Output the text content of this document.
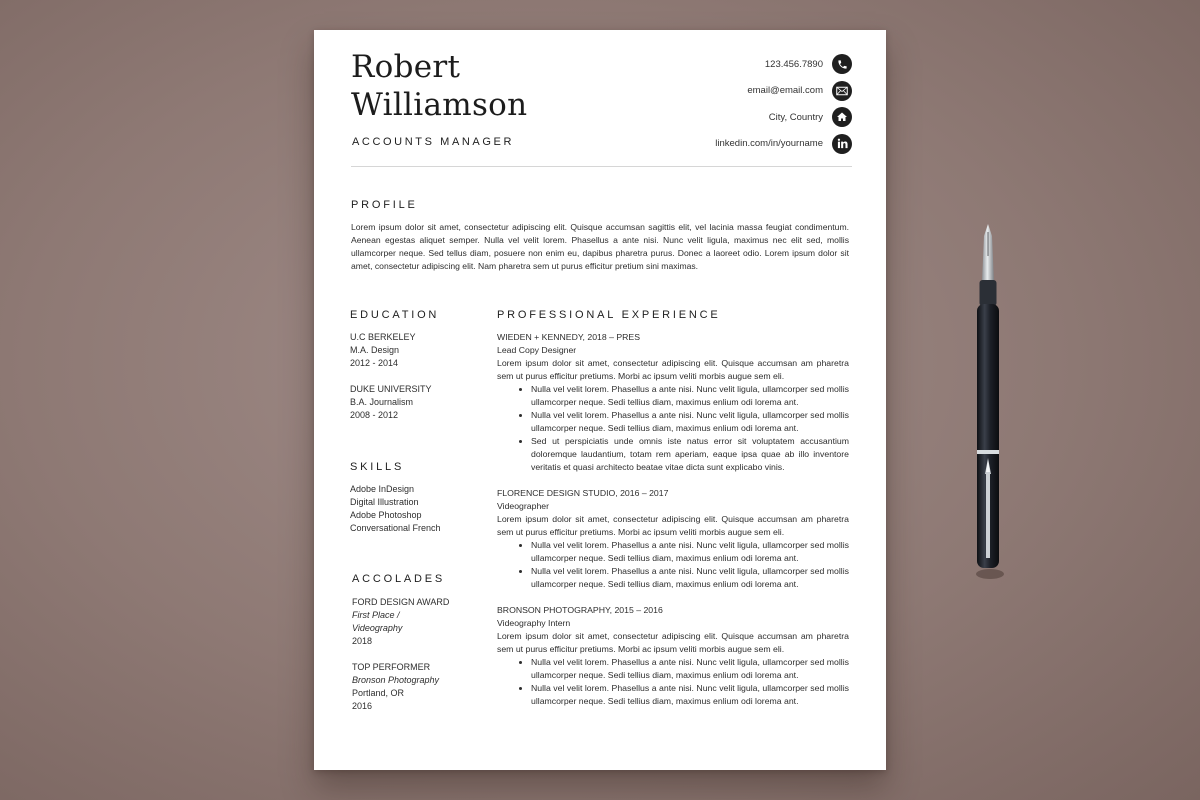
Robert
Williamson
ACCOUNTS MANAGER
123.456.7890
email@email.com
City, Country
linkedin.com/in/yourname
PROFILE

Lorem ipsum dolor sit amet, consectetur adipiscing elit. Quisque accumsan sagittis elit, vel lacinia massa feugiat condimentum. Aenean egestas aliquet semper. Nulla vel velit lorem. Phasellus a ante nisi. Nunc velit ligula, maximus nec elit sed, mollis ullamcorper neque. Sed tellus diam, posuere non enim eu, dapibus pharetra purus. Donec a laoreet odio. Lorem ipsum dolor sit amet, consectetur adipiscing elit. Nam pharetra sem ut purus efficitur pretium sini maximas.

EDUCATION
U.C BERKELEY
M.A. Design
2012 - 2014
DUKE UNIVERSITY
B.A. Journalism
2008 - 2012
SKILLS
Adobe InDesign
Digital Illustration
Adobe Photoshop
Conversational French
ACCOLADES
FORD DESIGN AWARD
First Place /
Videography
2018
TOP PERFORMER
Bronson Photography
Portland, OR
2016
PROFESSIONAL EXPERIENCE
WIEDEN + KENNEDY, 2018 – PRES
Lead Copy Designer

Lorem ipsum dolor sit amet, consectetur adipiscing elit. Quisque accumsan am pharetra sem ut purus efficitur pretiums. Morbi ac ipsum veliti morbis augue sem eli.

• Nulla vel velit lorem. Phasellus a ante nisi. Nunc velit ligula, ullamcorper sed mollis ullamcorper neque. Sedi tellius diam, maximus enlium odi lorema ant.
• Nulla vel velit lorem. Phasellus a ante nisi. Nunc velit ligula, ullamcorper sed mollis ullamcorper neque. Sedi tellius diam, maximus enlium odi lorema ant.
• Sed ut perspiciatis unde omnis iste natus error sit voluptatem accusantium doloremque laudantium, totam rem aperiam, eaque ipsa quae ab illo inventore veritatis et quasi architecto beatae vitae dicta sunt explicabo vinis.
FLORENCE DESIGN STUDIO, 2016 – 2017
Videographer

Lorem ipsum dolor sit amet, consectetur adipiscing elit. Quisque accumsan am pharetra sem ut purus efficitur pretiums. Morbi ac ipsum veliti morbis augue sem eli.

• Nulla vel velit lorem. Phasellus a ante nisi. Nunc velit ligula, ullamcorper sed mollis ullamcorper neque. Sedi tellius diam, maximus enlium odi lorema ant.
• Nulla vel velit lorem. Phasellus a ante nisi. Nunc velit ligula, ullamcorper sed mollis ullamcorper neque. Sedi tellius diam, maximus enlium odi lorema ant.
BRONSON PHOTOGRAPHY, 2015 – 2016
Videography Intern

Lorem ipsum dolor sit amet, consectetur adipiscing elit. Quisque accumsan am pharetra sem ut purus efficitur pretiums. Morbi ac ipsum veliti morbis augue sem eli.

• Nulla vel velit lorem. Phasellus a ante nisi. Nunc velit ligula, ullamcorper sed mollis ullamcorper neque. Sedi tellius diam, maximus enlium odi lorema ant.
• Nulla vel velit lorem. Phasellus a ante nisi. Nunc velit ligula, ullamcorper sed mollis ullamcorper neque. Sedi tellius diam, maximus enlium odi lorema ant.
